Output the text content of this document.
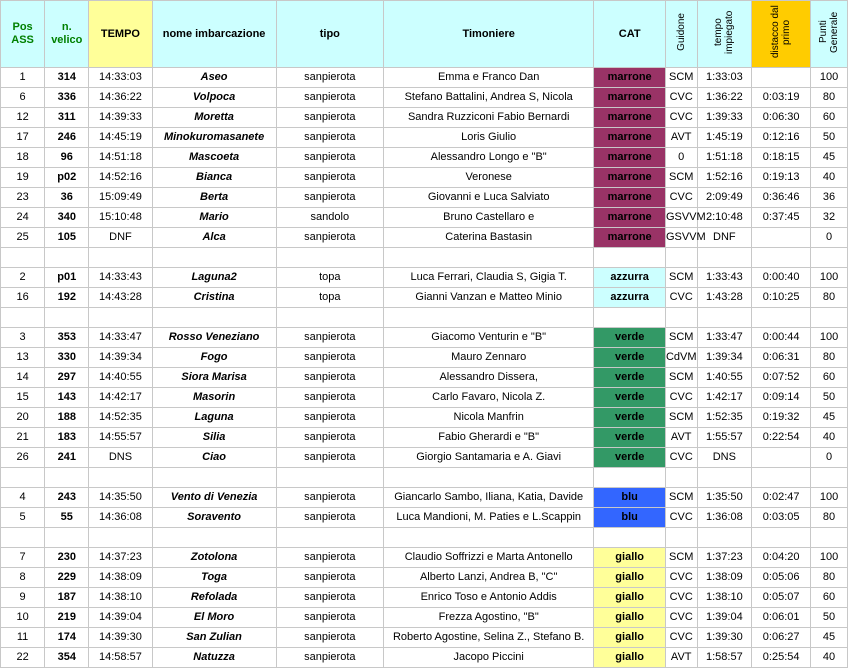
Pos ASS	n. velico	TEMPO	nome imbarcazione	tipo	Timoniere	CAT	Guidone	tempo impiegato	distacco dal primo	Punti Generale
1	314	14:33:03	Aseo	sanpierota	Emma e Franco Dan	marrone	SCM	1:33:03		100
6	336	14:36:22	Volpoca	sanpierota	Stefano Battalini, Andrea S, Nicola	marrone	CVC	1:36:22	0:03:19	80
12	311	14:39:33	Moretta	sanpierota	Sandra Ruzziconi Fabio Bernardi	marrone	CVC	1:39:33	0:06:30	60
17	246	14:45:19	Minokuromasanete	sanpierota	Loris Giulio	marrone	AVT	1:45:19	0:12:16	50
18	96	14:51:18	Mascoeta	sanpierota	Alessandro Longo e "B"	marrone	0	1:51:18	0:18:15	45
19	p02	14:52:16	Bianca	sanpierota	Veronese	marrone	SCM	1:52:16	0:19:13	40
23	36	15:09:49	Berta	sanpierota	Giovanni e Luca Salviato	marrone	CVC	2:09:49	0:36:46	36
24	340	15:10:48	Mario	sandolo	Bruno Castellaro e	marrone	GSVVM	2:10:48	0:37:45	32
25	105	DNF	Alca	sanpierota	Caterina Bastasin	marrone	GSVVM	DNF		0

2	p01	14:33:43	Laguna2	topa	Luca Ferrari, Claudia S, Gigia T.	azzurra	SCM	1:33:43	0:00:40	100
16	192	14:43:28	Cristina	topa	Gianni Vanzan e Matteo Minio	azzurra	CVC	1:43:28	0:10:25	80

3	353	14:33:47	Rosso Veneziano	sanpierota	Giacomo Venturin e "B"	verde	SCM	1:33:47	0:00:44	100
13	330	14:39:34	Fogo	sanpierota	Mauro Zennaro	verde	CdVM	1:39:34	0:06:31	80
14	297	14:40:55	Siora Marisa	sanpierota	Alessandro Dissera,	verde	SCM	1:40:55	0:07:52	60
15	143	14:42:17	Masorin	sanpierota	Carlo Favaro, Nicola Z.	verde	CVC	1:42:17	0:09:14	50
20	188	14:52:35	Laguna	sanpierota	Nicola Manfrin	verde	SCM	1:52:35	0:19:32	45
21	183	14:55:57	Silia	sanpierota	Fabio Gherardi e "B"	verde	AVT	1:55:57	0:22:54	40
26	241	DNS	Ciao	sanpierota	Giorgio Santamaria e A. Giavi	verde	CVC	DNS		0

4	243	14:35:50	Vento di Venezia	sanpierota	Giancarlo Sambo, Iliana, Katia, Davide	blu	SCM	1:35:50	0:02:47	100
5	55	14:36:08	Soravento	sanpierota	Luca Mandioni, M. Paties e L.Scappin	blu	CVC	1:36:08	0:03:05	80

7	230	14:37:23	Zotolona	sanpierota	Claudio Soffrizzi e Marta Antonello	giallo	SCM	1:37:23	0:04:20	100
8	229	14:38:09	Toga	sanpierota	Alberto Lanzi, Andrea B, "C"	giallo	CVC	1:38:09	0:05:06	80
9	187	14:38:10	Refolada	sanpierota	Enrico Toso e Antonio Addis	giallo	CVC	1:38:10	0:05:07	60
10	219	14:39:04	El Moro	sanpierota	Frezza Agostino, "B"	giallo	CVC	1:39:04	0:06:01	50
11	174	14:39:30	San Zulian	sanpierota	Roberto Agostine, Selina Z., Stefano B.	giallo	CVC	1:39:30	0:06:27	45
22	354	14:58:57	Natuzza	sanpierota	Jacopo Piccini	giallo	AVT	1:58:57	0:25:54	40
